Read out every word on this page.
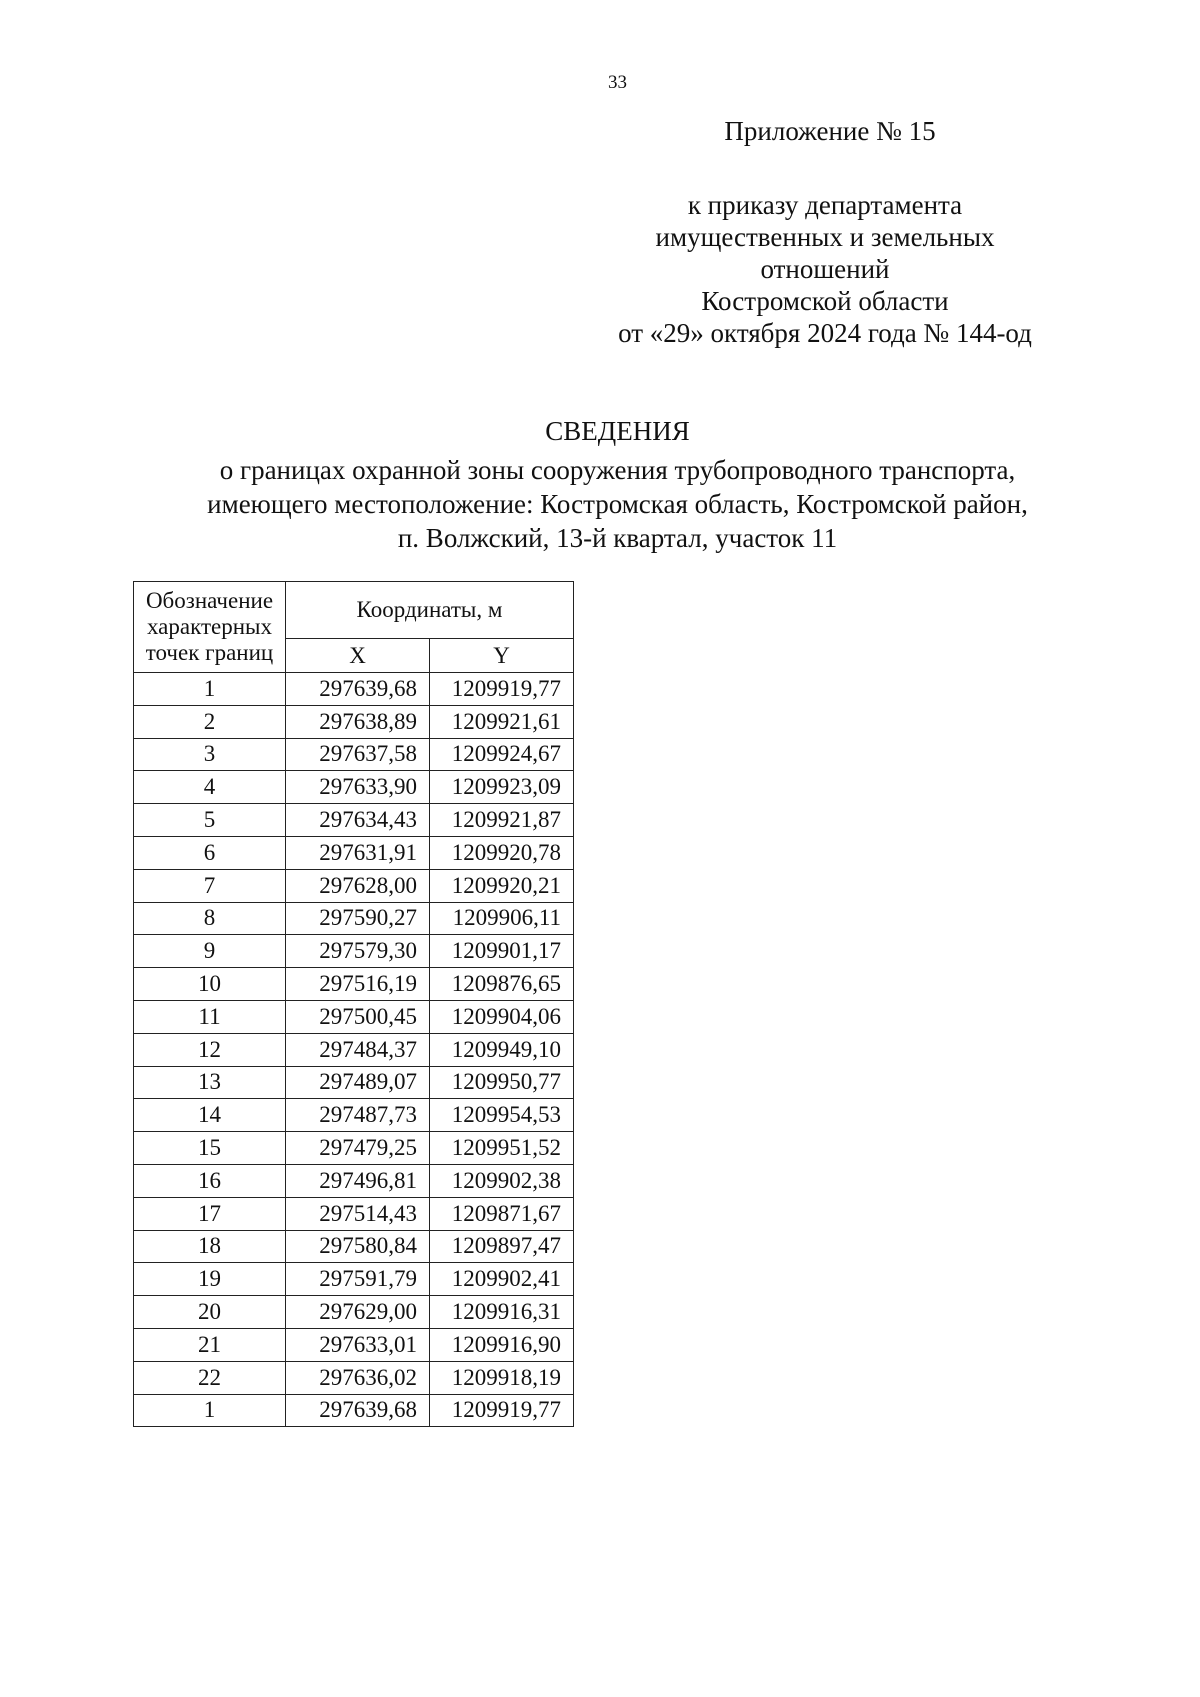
33
Приложение № 15
к приказу департамента
имущественных и земельных
отношений
Костромской области
от «29» октября 2024 года № 144-од
СВЕДЕНИЯ
о границах охранной зоны сооружения трубопроводного транспорта,
имеющего местоположение: Костромская область, Костромской район,
п. Волжский, 13-й квартал, участок 11
Обозначение
характерных
точек границ	Координаты, м	
	X	Y
1	297639,68	1209919,77
2	297638,89	1209921,61
3	297637,58	1209924,67
4	297633,90	1209923,09
5	297634,43	1209921,87
6	297631,91	1209920,78
7	297628,00	1209920,21
8	297590,27	1209906,11
9	297579,30	1209901,17
10	297516,19	1209876,65
11	297500,45	1209904,06
12	297484,37	1209949,10
13	297489,07	1209950,77
14	297487,73	1209954,53
15	297479,25	1209951,52
16	297496,81	1209902,38
17	297514,43	1209871,67
18	297580,84	1209897,47
19	297591,79	1209902,41
20	297629,00	1209916,31
21	297633,01	1209916,90
22	297636,02	1209918,19
1	297639,68	1209919,77
